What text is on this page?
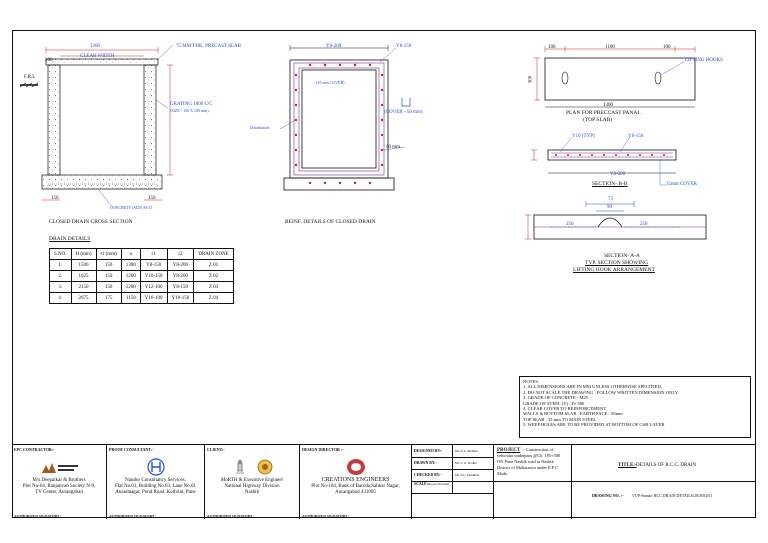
1300
CLEAR WIDTH
200
75 MM THK. PRECAST SLAB
F.R.L
GRATING 1000 C/C
(SIZE - 150 X 100 mm)
150	150
CONCRETE (M25) M-15
CLOSED DRAIN CROSS SECTION
Y8-200	Y8-150
(35 mm COVER)
(COVER - 50 mm)
Distribution
40 mm
REINF. DETAILS OF CLOSED DRAIN
100	1100	100
300
1300
LIFTING HOOKS
PLAN FOR PRECCAST PANAL
(TOP SLAB)
Y10 (TYP)	Y8-150
Y8-200
35mm COVER
SECTION- B-B
75
90
250	250
SECTION- A-A
TYP. SECTION SHOWING
LIFTING HOOK ARRANGEMENT
DRAIN DETAILS
S.NO.	H (mm)	t1 (mm)	a	r1	r2	DRAIN ZONE
1.	1500	150	1300	Y8-150	Y8-200	Z 01
2.	1625	150	1260	Y10-150	Y8-200	Z 02
3.	2150	150	1200	Y12-100	Y8-150	Z 03
4.	2675	175	1150	Y16-100	Y10-150	Z 04
NOTES:
1. ALL DIMENSIONS ARE IN MM UNLESS OTHERWISE SPECIFIED.
2. DO NOT SCALE THE DRAWING , FOLLOW WRITTEN DIMENSION ONLY.
3. GRADE OF CONCRETE : M25
GRADE OF STEEL (Y) : Fe 500
4. CLEAR COVER TO REINFORCEMENT
WALLS & BOTTOM SLAB , EARTH FACE : 50mm
TOP SLAB : 35 mm TO MAIN STEEL
5. WEEP HOLES ARE TO BE PROVIDED AT BOTTOM OF GSB LAYER.
EPC CONTRACTOR:-
M/s Deepalkar & Brothers
Plot No-64, Ranjanvan Society N-9,
TV Center, Aurangabad
AUTHORIZED SIGNATORY :
PROOF CONSULTANT:-
Nandur Consultancy Services.
Flat No.01, Building No.03, Lane No.01
Anandnagar, Pond Road, Kothrud, Pune
AUTHORIZED SIGNATORY :
CLIENT:-
MoRTH & Executive Engineer
National Highway Division
Nashik
AUTHORIZED SIGNATORY :
DESIGN DIRECTOR :-
CREATIONS ENGINEERS
Plot No-104, Bank of Baroda,Sahkar Nagar,
Aurangabad 431005
AUTHORIZED SIGNATORY :
DESIGNED BY:-	Mr. P. A. Bodhen
DRAWN BY:-	Mr. S. U. Rodhe
CHECKED BY:-	Mr. S.C. Pandhare
SCALE:-
As per Drawing
PROJECT :- Construction of
vehicular underpass @Ch. 185+500
ON Pune Nashik road in Nashik
District of Maharastra under E P C
Mode.
TITLE:- DETAILS OF R.C.C. DRAIN
DRAWING NO. :- VUP-Sinnar/ RCC DRAIN DETAILS/2018/04/01
